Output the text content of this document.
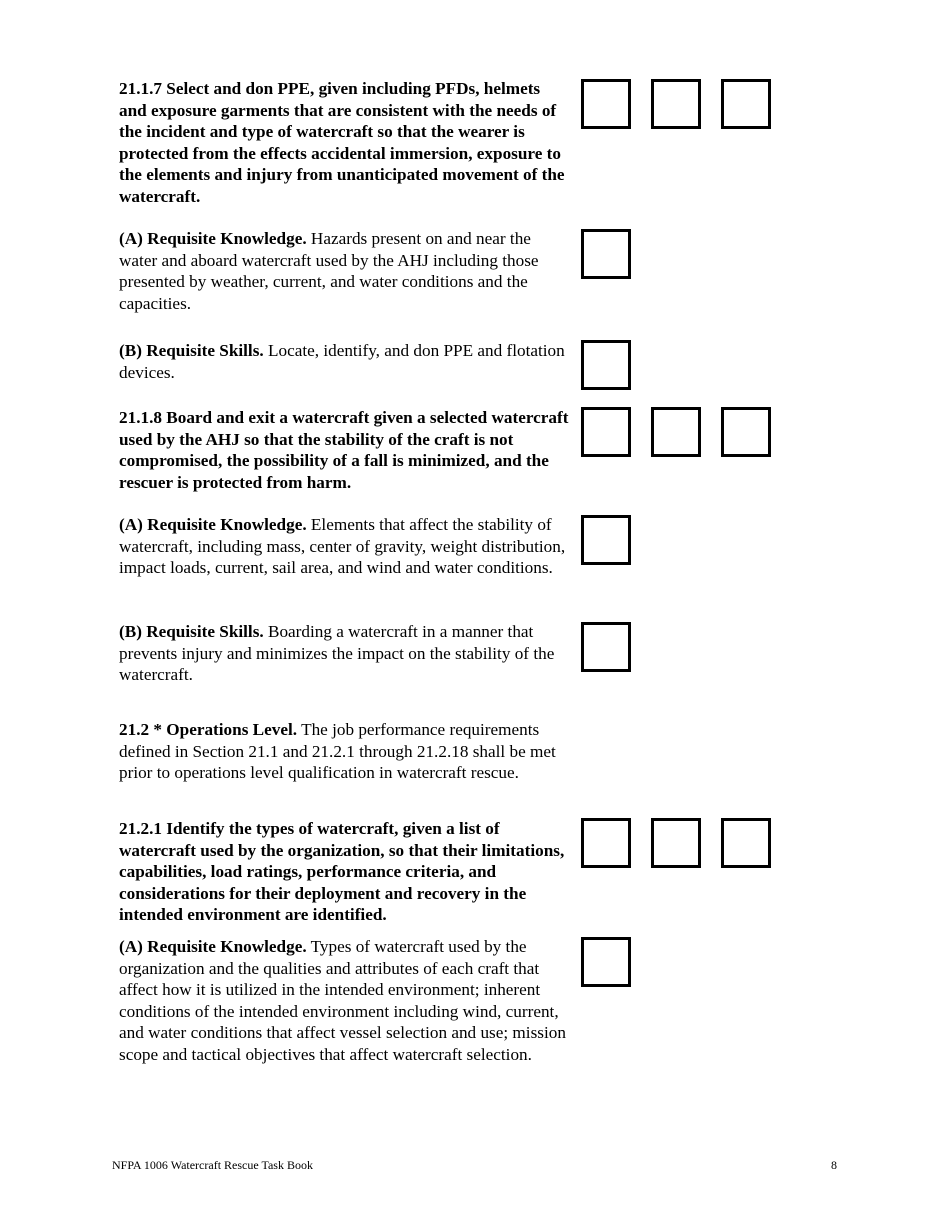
21.1.7 Select and don PPE, given including PFDs, helmets and exposure garments that are consistent with the needs of the incident and type of watercraft so that the wearer is protected from the effects accidental immersion, exposure to the elements and injury from unanticipated movement of the watercraft.

(A) Requisite Knowledge. Hazards present on and near the water and aboard watercraft used by the AHJ including those presented by weather, current, and water conditions and the capacities.

(B) Requisite Skills. Locate, identify, and don PPE and flotation devices.

21.1.8 Board and exit a watercraft given a selected watercraft used by the AHJ so that the stability of the craft is not compromised, the possibility of a fall is minimized, and the rescuer is protected from harm.

(A) Requisite Knowledge. Elements that affect the stability of watercraft, including mass, center of gravity, weight distribution, impact loads, current, sail area, and wind and water conditions.

(B) Requisite Skills. Boarding a watercraft in a manner that prevents injury and minimizes the impact on the stability of the watercraft.

21.2 * Operations Level. The job performance requirements defined in Section 21.1 and 21.2.1 through 21.2.18 shall be met prior to operations level qualification in watercraft rescue.

21.2.1 Identify the types of watercraft, given a list of watercraft used by the organization, so that their limitations, capabilities, load ratings, performance criteria, and considerations for their deployment and recovery in the intended environment are identified.

(A) Requisite Knowledge. Types of watercraft used by the organization and the qualities and attributes of each craft that affect how it is utilized in the intended environment; inherent conditions of the intended environment including wind, current, and water conditions that affect vessel selection and use; mission scope and tactical objectives that affect watercraft selection.

NFPA 1006 Watercraft Rescue Task Book	8
